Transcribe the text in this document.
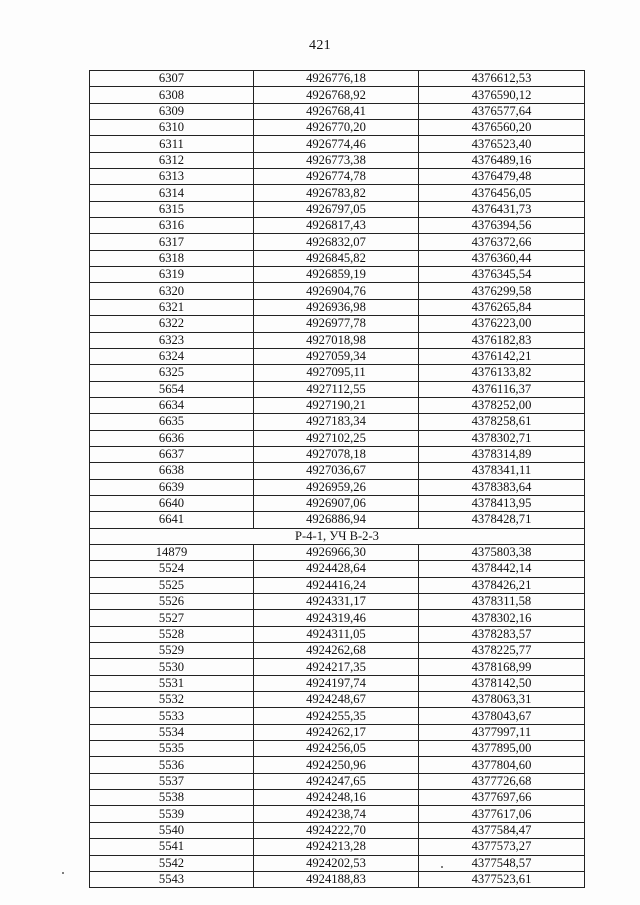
421
6307	4926776,18	4376612,53
6308	4926768,92	4376590,12
6309	4926768,41	4376577,64
6310	4926770,20	4376560,20
6311	4926774,46	4376523,40
6312	4926773,38	4376489,16
6313	4926774,78	4376479,48
6314	4926783,82	4376456,05
6315	4926797,05	4376431,73
6316	4926817,43	4376394,56
6317	4926832,07	4376372,66
6318	4926845,82	4376360,44
6319	4926859,19	4376345,54
6320	4926904,76	4376299,58
6321	4926936,98	4376265,84
6322	4926977,78	4376223,00
6323	4927018,98	4376182,83
6324	4927059,34	4376142,21
6325	4927095,11	4376133,82
5654	4927112,55	4376116,37
6634	4927190,21	4378252,00
6635	4927183,34	4378258,61
6636	4927102,25	4378302,71
6637	4927078,18	4378314,89
6638	4927036,67	4378341,11
6639	4926959,26	4378383,64
6640	4926907,06	4378413,95
6641	4926886,94	4378428,71
Р-4-1, УЧ В-2-3		
14879	4926966,30	4375803,38
5524	4924428,64	4378442,14
5525	4924416,24	4378426,21
5526	4924331,17	4378311,58
5527	4924319,46	4378302,16
5528	4924311,05	4378283,57
5529	4924262,68	4378225,77
5530	4924217,35	4378168,99
5531	4924197,74	4378142,50
5532	4924248,67	4378063,31
5533	4924255,35	4378043,67
5534	4924262,17	4377997,11
5535	4924256,05	4377895,00
5536	4924250,96	4377804,60
5537	4924247,65	4377726,68
5538	4924248,16	4377697,66
5539	4924238,74	4377617,06
5540	4924222,70	4377584,47
5541	4924213,28	4377573,27
5542	4924202,53	4377548,57
5543	4924188,83	4377523,61
